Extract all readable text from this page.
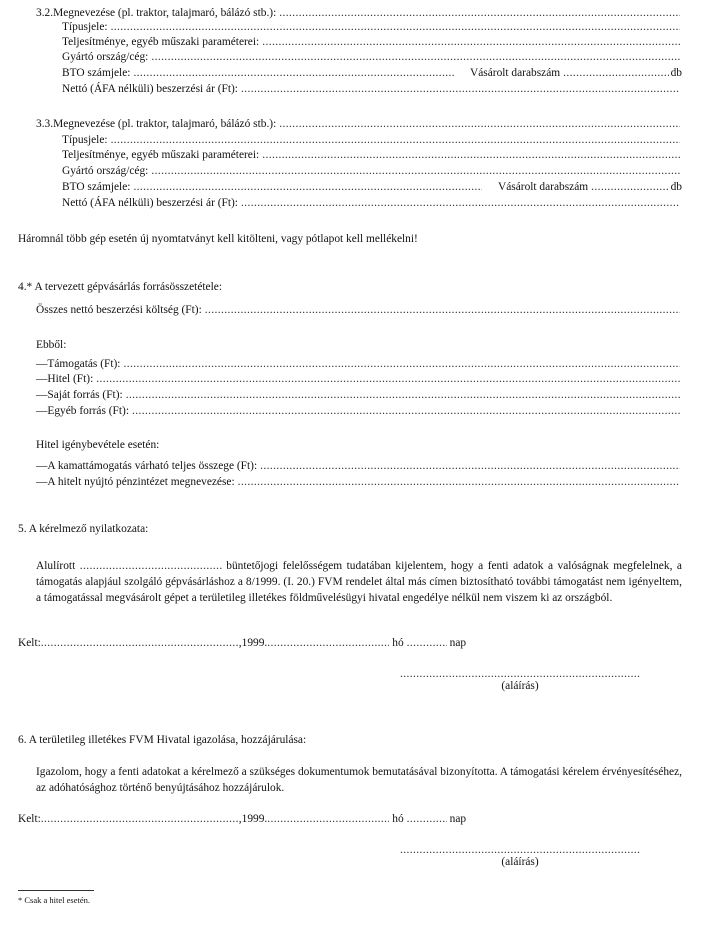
3.2. Megnevezése (pl. traktor, talajmaró, bálázó stb.):
.....
Típusjele:
.....
Teljesítménye, egyéb műszaki paraméterei:
.....
Gyártó ország/cég:
.....
BTO számjele: .....	Vásárolt darabszám .....	db
Nettó (ÁFA nélküli) beszerzési ár (Ft):
.....
3.3. Megnevezése (pl. traktor, talajmaró, bálázó stb.):
.....
Típusjele:
.....
Teljesítménye, egyéb műszaki paraméterei:
.....
Gyártó ország/cég:
.....
BTO számjele: .....	Vásárolt darabszám .....	db
Nettó (ÁFA nélküli) beszerzési ár (Ft):
.....
Háromnál több gép esetén új nyomtatványt kell kitölteni, vagy pótlapot kell mellékelni!
4.* A tervezett gépvásárlás forrásösszetétele:
Összes nettó beszerzési költség (Ft):
.....
Ebből:
— Támogatás (Ft):
.....
— Hitel (Ft):
.....
— Saját forrás (Ft):
.....
— Egyéb forrás (Ft):
.....
Hitel igénybevétele esetén:
— A kamattámogatás várható teljes összege (Ft):
.....
— A hitelt nyújtó pénzintézet megnevezése:
.....
5. A kérelmező nyilatkozata:
Alulírott .....	büntetőjogi felelősségem tudatában kijelentem, hogy a fenti adatok a valóságnak megfelelnek, a támogatás alapjául szolgáló gépvásárláshoz a 8/1999. (I. 20.) FVM rendelet által más címen biztosítható további támogatást nem igényeltem, a támogatással megvásárolt gépet a területileg illetékes földművelésügyi hivatal engedélye nélkül nem viszem ki az országból.
Kelt: .....	,1999. .....	hó .....	nap
.....
(aláírás)
6. A területileg illetékes FVM Hivatal igazolása, hozzájárulása:
Igazolom, hogy a fenti adatokat a kérelmező a szükséges dokumentumok bemutatásával bizonyította. A támogatási kérelem érvényesítéséhez, az adóhatósághoz történő benyújtásához hozzájárulok.
Kelt: .....	,1999. .....	hó .....	nap
.....
(aláírás)
* Csak a hitel esetén.
